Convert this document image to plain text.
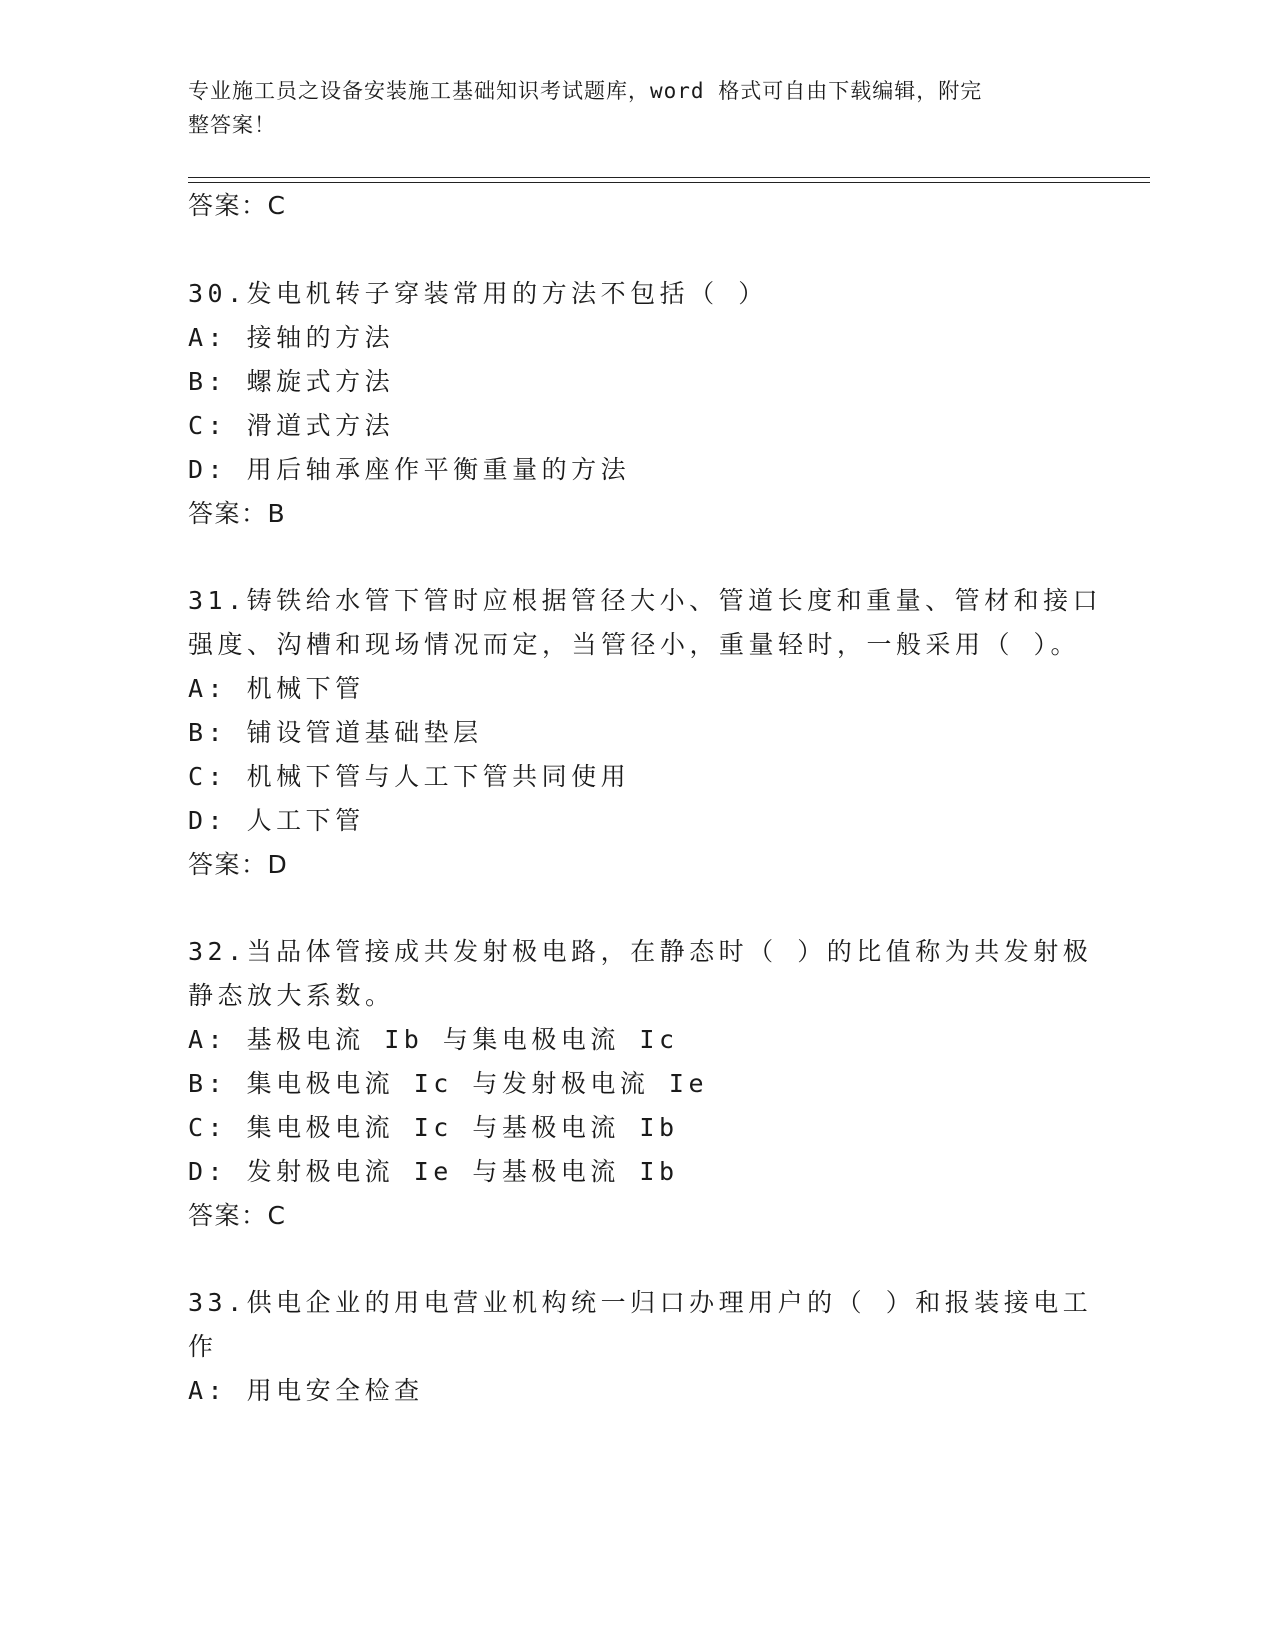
专业施工员之设备安装施工基础知识考试题库，word 格式可自由下载编辑，附完
整答案！
答案：C
30.发电机转子穿装常用的方法不包括（ ）
A: 接轴的方法
B: 螺旋式方法
C: 滑道式方法
D: 用后轴承座作平衡重量的方法
答案：B
31.铸铁给水管下管时应根据管径大小、管道长度和重量、管材和接口
强度、沟槽和现场情况而定，当管径小，重量轻时，一般采用（ ）。
A: 机械下管
B: 铺设管道基础垫层
C: 机械下管与人工下管共同使用
D: 人工下管
答案：D
32.当品体管接成共发射极电路，在静态时（ ）的比值称为共发射极
静态放大系数。
A: 基极电流 Ib 与集电极电流 Ic
B: 集电极电流 Ic 与发射极电流 Ie
C: 集电极电流 Ic 与基极电流 Ib
D: 发射极电流 Ie 与基极电流 Ib
答案：C
33.供电企业的用电营业机构统一归口办理用户的（ ）和报装接电工
作
A: 用电安全检查
